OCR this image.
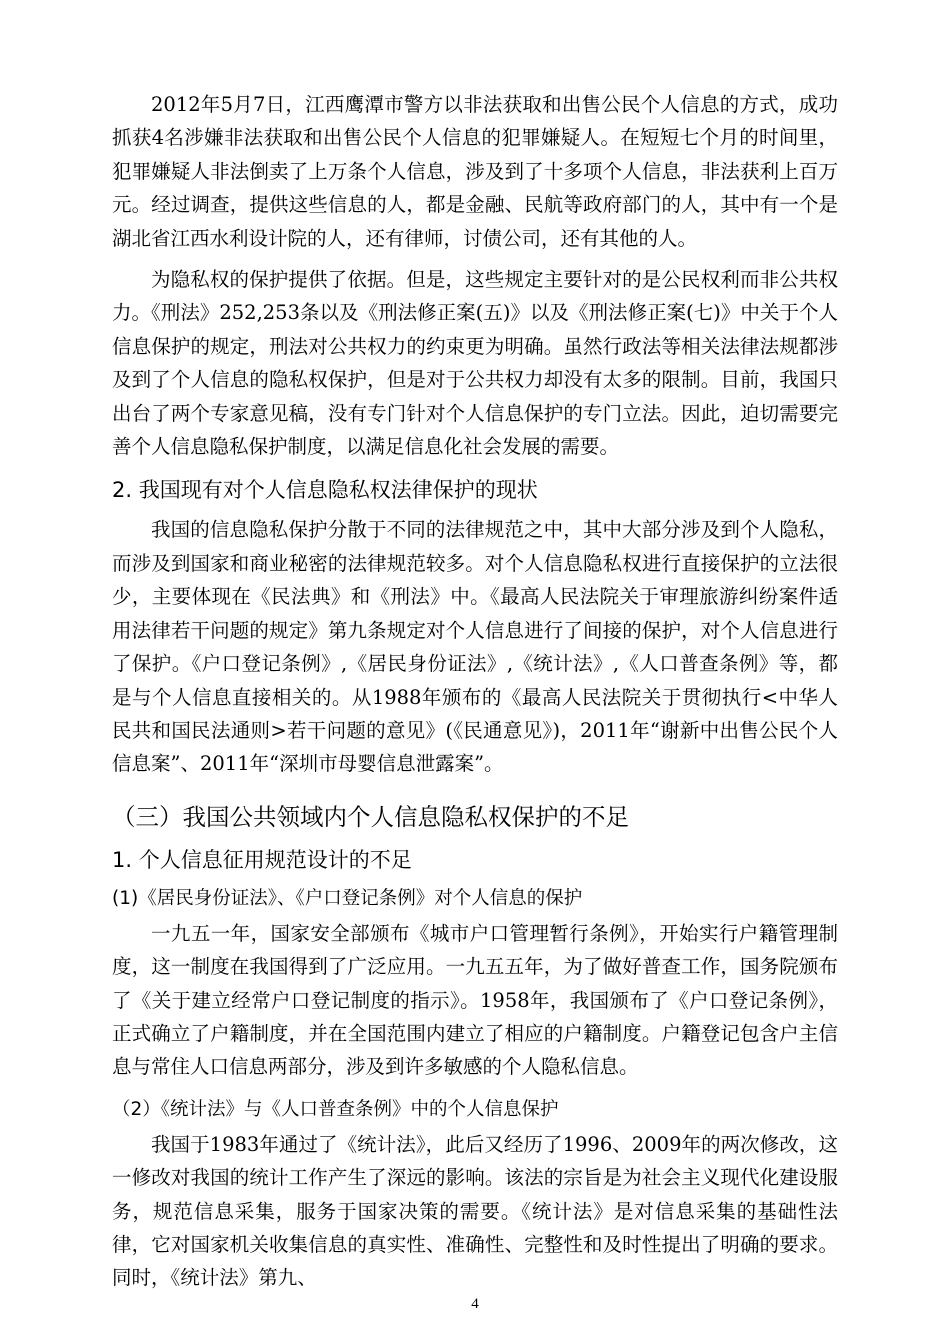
2012年5月7日，江西鹰潭市警方以非法获取和出售公民个人信息的方式，成功抓获4名涉嫌非法获取和出售公民个人信息的犯罪嫌疑人。在短短七个月的时间里，犯罪嫌疑人非法倒卖了上万条个人信息，涉及到了十多项个人信息，非法获利上百万元。经过调查，提供这些信息的人，都是金融、民航等政府部门的人，其中有一个是湖北省江西水利设计院的人，还有律师，讨债公司，还有其他的人。

为隐私权的保护提供了依据。但是，这些规定主要针对的是公民权利而非公共权力。《刑法》252,253条以及《刑法修正案(五)》以及《刑法修正案(七)》中关于个人信息保护的规定，刑法对公共权力的约束更为明确。虽然行政法等相关法律法规都涉及到了个人信息的隐私权保护，但是对于公共权力却没有太多的限制。目前，我国只出台了两个专家意见稿，没有专门针对个人信息保护的专门立法。因此，迫切需要完善个人信息隐私保护制度，以满足信息化社会发展的需要。

2. 我国现有对个人信息隐私权法律保护的现状

我国的信息隐私保护分散于不同的法律规范之中，其中大部分涉及到个人隐私，而涉及到国家和商业秘密的法律规范较多。对个人信息隐私权进行直接保护的立法很少，主要体现在《民法典》和《刑法》中。《最高人民法院关于审理旅游纠纷案件适用法律若干问题的规定》第九条规定对个人信息进行了间接的保护，对个人信息进行了保护。《户口登记条例》,《居民身份证法》,《统计法》,《人口普查条例》等，都是与个人信息直接相关的。从1988年颁布的《最高人民法院关于贯彻执行<中华人民共和国民法通则>若干问题的意见》(《民通意见》)，2011年“谢新中出售公民个人信息案”、2011年“深圳市母婴信息泄露案”。

（三）我国公共领域内个人信息隐私权保护的不足
1. 个人信息征用规范设计的不足
(1)《居民身份证法》、《户口登记条例》对个人信息的保护

一九五一年，国家安全部颁布《城市户口管理暂行条例》，开始实行户籍管理制度，这一制度在我国得到了广泛应用。一九五五年，为了做好普查工作，国务院颁布了《关于建立经常户口登记制度的指示》。1958年，我国颁布了《户口登记条例》，正式确立了户籍制度，并在全国范围内建立了相应的户籍制度。户籍登记包含户主信息与常住人口信息两部分，涉及到许多敏感的个人隐私信息。

（2）《统计法》与《人口普查条例》中的个人信息保护

我国于1983年通过了《统计法》，此后又经历了1996、2009年的两次修改，这一修改对我国的统计工作产生了深远的影响。该法的宗旨是为社会主义现代化建设服务，规范信息采集，服务于国家决策的需要。《统计法》是对信息采集的基础性法律，它对国家机关收集信息的真实性、准确性、完整性和及时性提出了明确的要求。同时，《统计法》第九、

4
